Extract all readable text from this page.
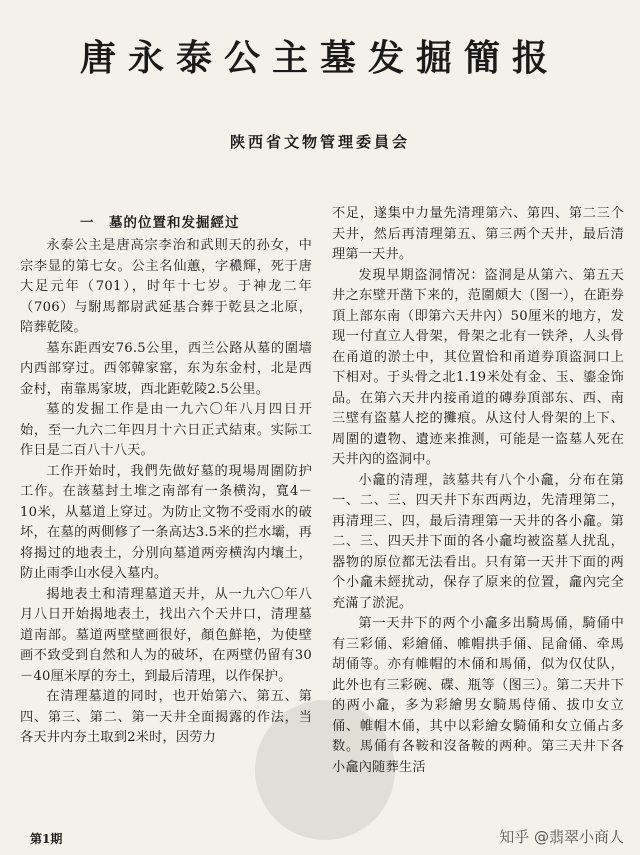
唐永泰公主墓发掘簡报
陕西省文物管理委員会
一　墓的位置和发掘經过

永泰公主是唐高宗李治和武則天的孙女，中宗李显的第七女。公主名仙蕙，字穠輝，死于唐大足元年（701），时年十七岁。于神龙二年（706）与駙馬都尉武延基合葬于乾县之北原，陪葬乾陵。

墓东距西安76.5公里，西兰公路从墓的圍墙内西部穿过。西邻韓家窰，东为东金村，北是西金村，南靠馬家坡，西北距乾陵2.5公里。

墓的发掘工作是由一九六〇年八月四日开始，至一九六二年四月十六日正式結束。实际工作日是二百八十八天。

工作开始时，我們先做好墓的現場周圍防护工作。在該墓封土堆之南部有一条横沟，寬4－10米，从墓道上穿过。为防止文物不受雨水的破坏，在墓的两側修了一条高达3.5米的拦水壩，再将揭过的地表土，分別向墓道两旁横沟内壤土，防止雨季山水侵入墓内。

揭地表土和清理墓道天井，从一九六〇年八月八日开始揭地表土，找出六个天井口，清理墓道南部。墓道两壁壁画很好，顏色鮮艳，为使壁画不致受到自然和人为的破坏，在两壁仍留有30－40厘米厚的夯土，到最后清理，以作保护。

在清理墓道的同时，也开始第六、第五、第四、第三、第二、第一天井全面揭露的作法，当各天井内夯土取到2米时，因劳力

不足，遂集中力量先清理第六、第四、第二三个天井，然后再清理第五、第三两个天井，最后清理第一天井。

发現早期盗洞情况：盗洞是从第六、第五天井之东壁开凿下来的，范圍頗大（图一），在距券頂上部东南（即第六天井內）50厘米的地方，发现一付直立人骨架，骨架之北有一铁斧，人头骨在甬道的淤土中，其位置恰和甬道券頂盗洞口上下相对。于头骨之北1.19米处有金、玉、鎏金饰品。在第六天井内接甬道的磚券頂部东、西、南三壁有盗墓人挖的攤痕。从这付人骨架的上下、周圍的遺物、遺迹来推测，可能是一盗墓人死在天井內的盗洞中。

小龕的清理，該墓共有八个小龕，分布在第一、二、三、四天井下东西两边，先清理第二，再清理三、四，最后清理第一天井的各小龕。第二、三、四天井下面的各小龕均被盗墓人扰乱，器物的原位都无法看出。只有第一天井下面的两个小龕未經扰动，保存了原来的位置，龕內完全充滿了淤泥。

第一天井下的两个小龕多出騎馬俑，騎俑中有三彩俑、彩繪俑、帷帽拱手俑、昆侖俑、牵馬胡俑等。亦有帷帽的木俑和馬俑，似为仅仗队，此外也有三彩碗、碟、瓶等（图三）。第二天井下的两小龕，多为彩繪男女騎馬侍俑、拔巾女立俑、帷帽木俑，其中以彩繪女騎俑和女立俑占多数。馬俑有各鞍和沒备鞍的两种。第三天井下各小龕內随葬生活

第1期	知乎 @翡翠小商人
